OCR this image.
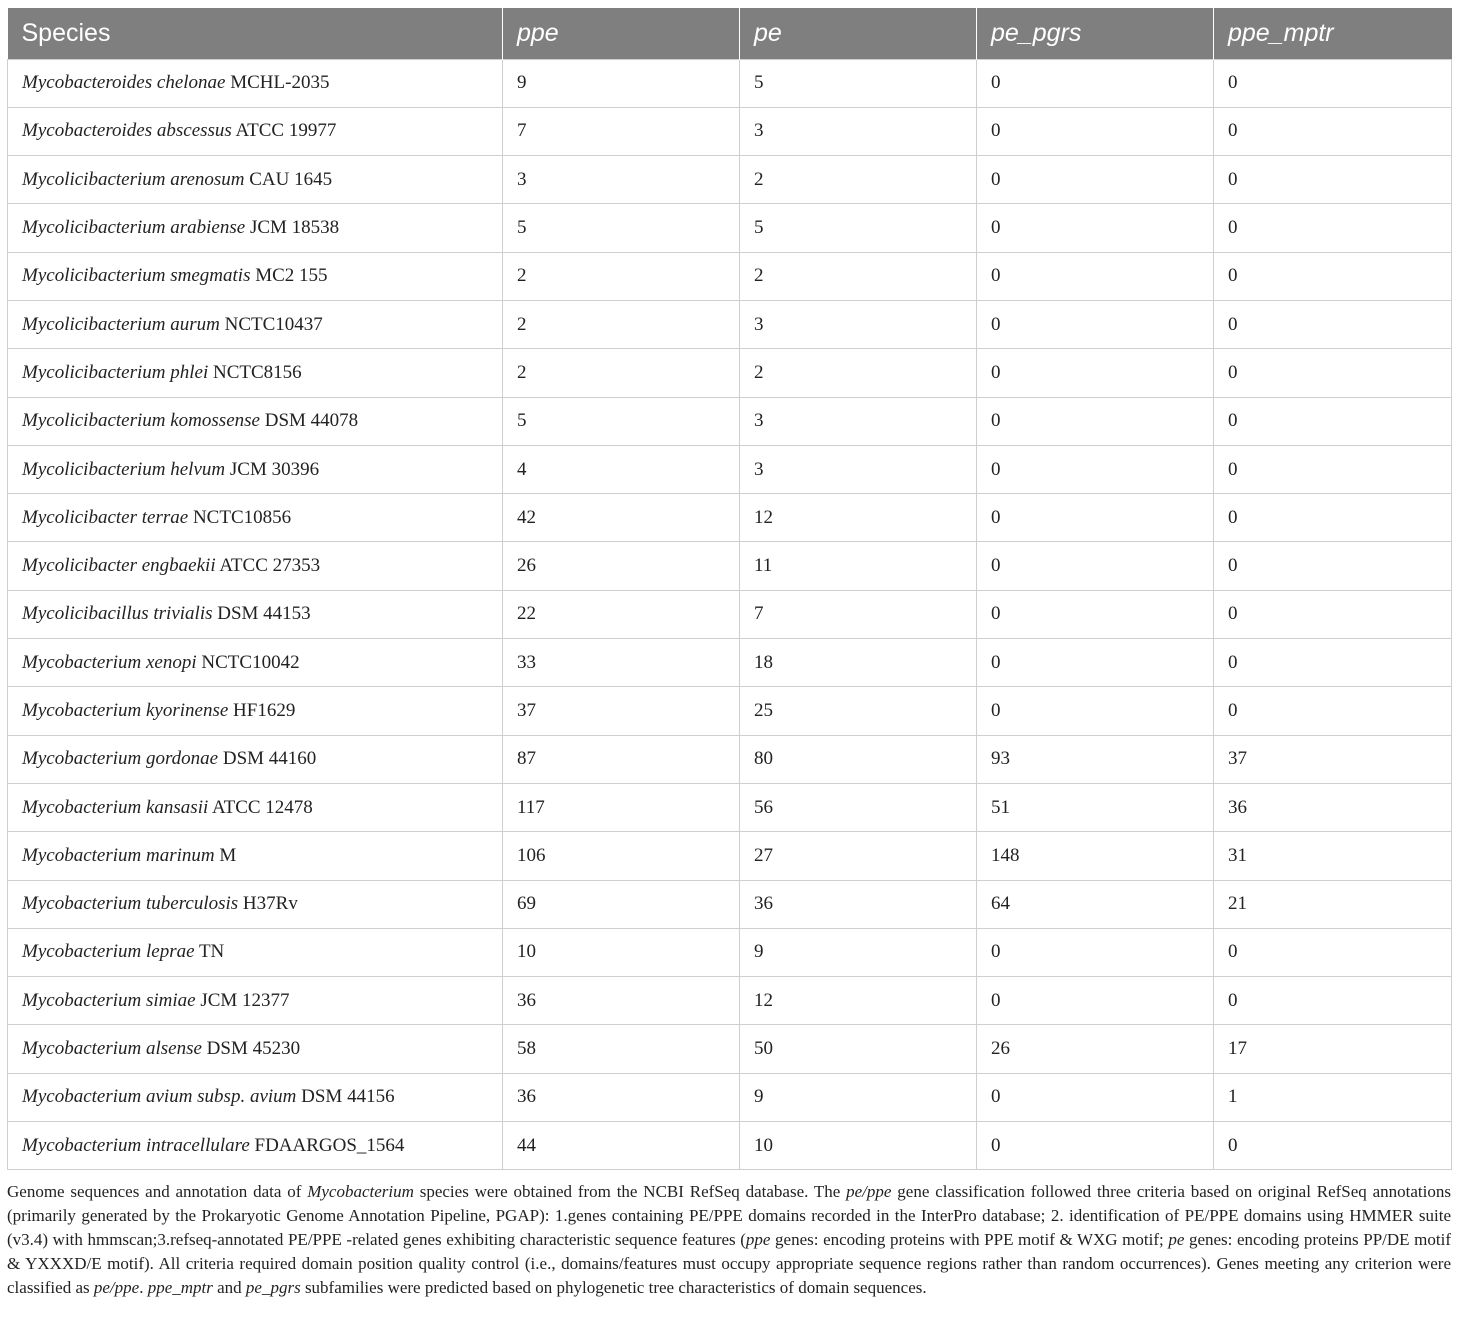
Species	ppe	pe	pe_pgrs	ppe_mptr
Mycobacteroides chelonae MCHL-2035	9	5	0	0
Mycobacteroides abscessus ATCC 19977	7	3	0	0
Mycolicibacterium arenosum CAU 1645	3	2	0	0
Mycolicibacterium arabiense JCM 18538	5	5	0	0
Mycolicibacterium smegmatis MC2 155	2	2	0	0
Mycolicibacterium aurum NCTC10437	2	3	0	0
Mycolicibacterium phlei NCTC8156	2	2	0	0
Mycolicibacterium komossense DSM 44078	5	3	0	0
Mycolicibacterium helvum JCM 30396	4	3	0	0
Mycolicibacter terrae NCTC10856	42	12	0	0
Mycolicibacter engbaekii ATCC 27353	26	11	0	0
Mycolicibacillus trivialis DSM 44153	22	7	0	0
Mycobacterium xenopi NCTC10042	33	18	0	0
Mycobacterium kyorinense HF1629	37	25	0	0
Mycobacterium gordonae DSM 44160	87	80	93	37
Mycobacterium kansasii ATCC 12478	117	56	51	36
Mycobacterium marinum M	106	27	148	31
Mycobacterium tuberculosis H37Rv	69	36	64	21
Mycobacterium leprae TN	10	9	0	0
Mycobacterium simiae JCM 12377	36	12	0	0
Mycobacterium alsense DSM 45230	58	50	26	17
Mycobacterium avium subsp. avium DSM 44156	36	9	0	1
Mycobacterium intracellulare FDAARGOS_1564	44	10	0	0

Genome sequences and annotation data of Mycobacterium species were obtained from the NCBI RefSeq database. The pe/ppe gene classification followed three criteria based on original RefSeq annotations (primarily generated by the Prokaryotic Genome Annotation Pipeline, PGAP): 1.genes containing PE/PPE domains recorded in the InterPro database; 2. identification of PE/PPE domains using HMMER suite (v3.4) with hmmscan;3.refseq-annotated PE/PPE -related genes exhibiting characteristic sequence features (ppe genes: encoding proteins with PPE motif & WXG motif; pe genes: encoding proteins PP/DE motif & YXXXD/E motif). All criteria required domain position quality control (i.e., domains/features must occupy appropriate sequence regions rather than random occurrences). Genes meeting any criterion were classified as pe/ppe. ppe_mptr and pe_pgrs subfamilies were predicted based on phylogenetic tree characteristics of domain sequences.
